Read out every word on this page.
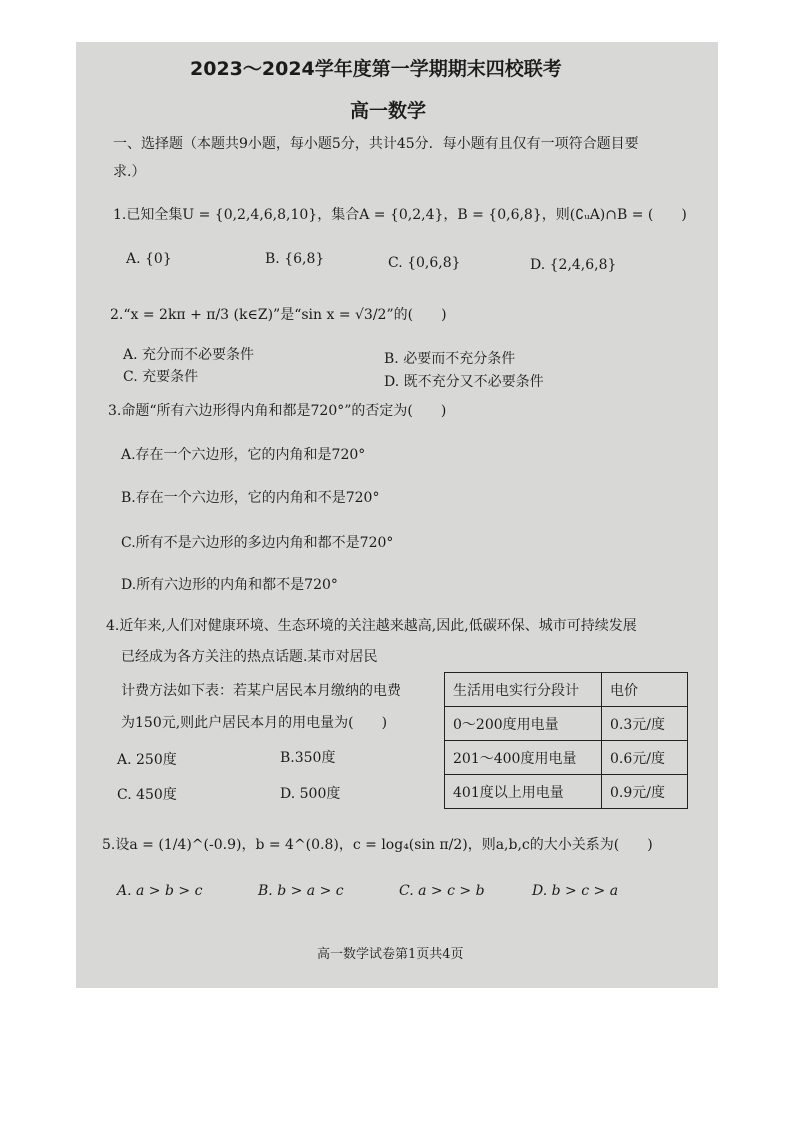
2023～2024学年度第一学期期末四校联考
高一数学
一、选择题（本题共9小题，每小题5分，共计45分．每小题有且仅有一项符合题目要
求.）
1.已知全集U = {0,2,4,6,8,10}，集合A = {0,2,4}，B = {0,6,8}，则(∁ᵤA)∩B = (　　)
A. {0}	B. {6,8}	C. {0,6,8}	D. {2,4,6,8}
2.“x = 2kπ + π/3 (k∈Z)”是“sin x = √3/2”的(　　)
A. 充分而不必要条件	B. 必要而不充分条件
C. 充要条件	D. 既不充分又不必要条件
3.命题“所有六边形得内角和都是720°”的否定为(　　)
A.存在一个六边形，它的内角和是720°
B.存在一个六边形，它的内角和不是720°
C.所有不是六边形的多边内角和都不是720°
D.所有六边形的内角和都不是720°
4.近年来,人们对健康环境、生态环境的关注越来越高,因此,低碳环保、城市可持续发展
已经成为各方关注的热点话题.某市对居民
计费方法如下表：若某户居民本月缴纳的电费
为150元,则此户居民本月的用电量为(　　)
A. 250度	B.350度
C. 450度	D. 500度
生活用电实行分段计	电价
0～200度用电量	0.3元/度
201～400度用电量	0.6元/度
401度以上用电量	0.9元/度
5.设a = (1/4)^(-0.9)，b = 4^(0.8)，c = log₄(sin π/2)，则a,b,c的大小关系为(　　)
A. a > b > c	B. b > a > c	C. a > c > b	D. b > c > a
高一数学试卷第1页共4页
